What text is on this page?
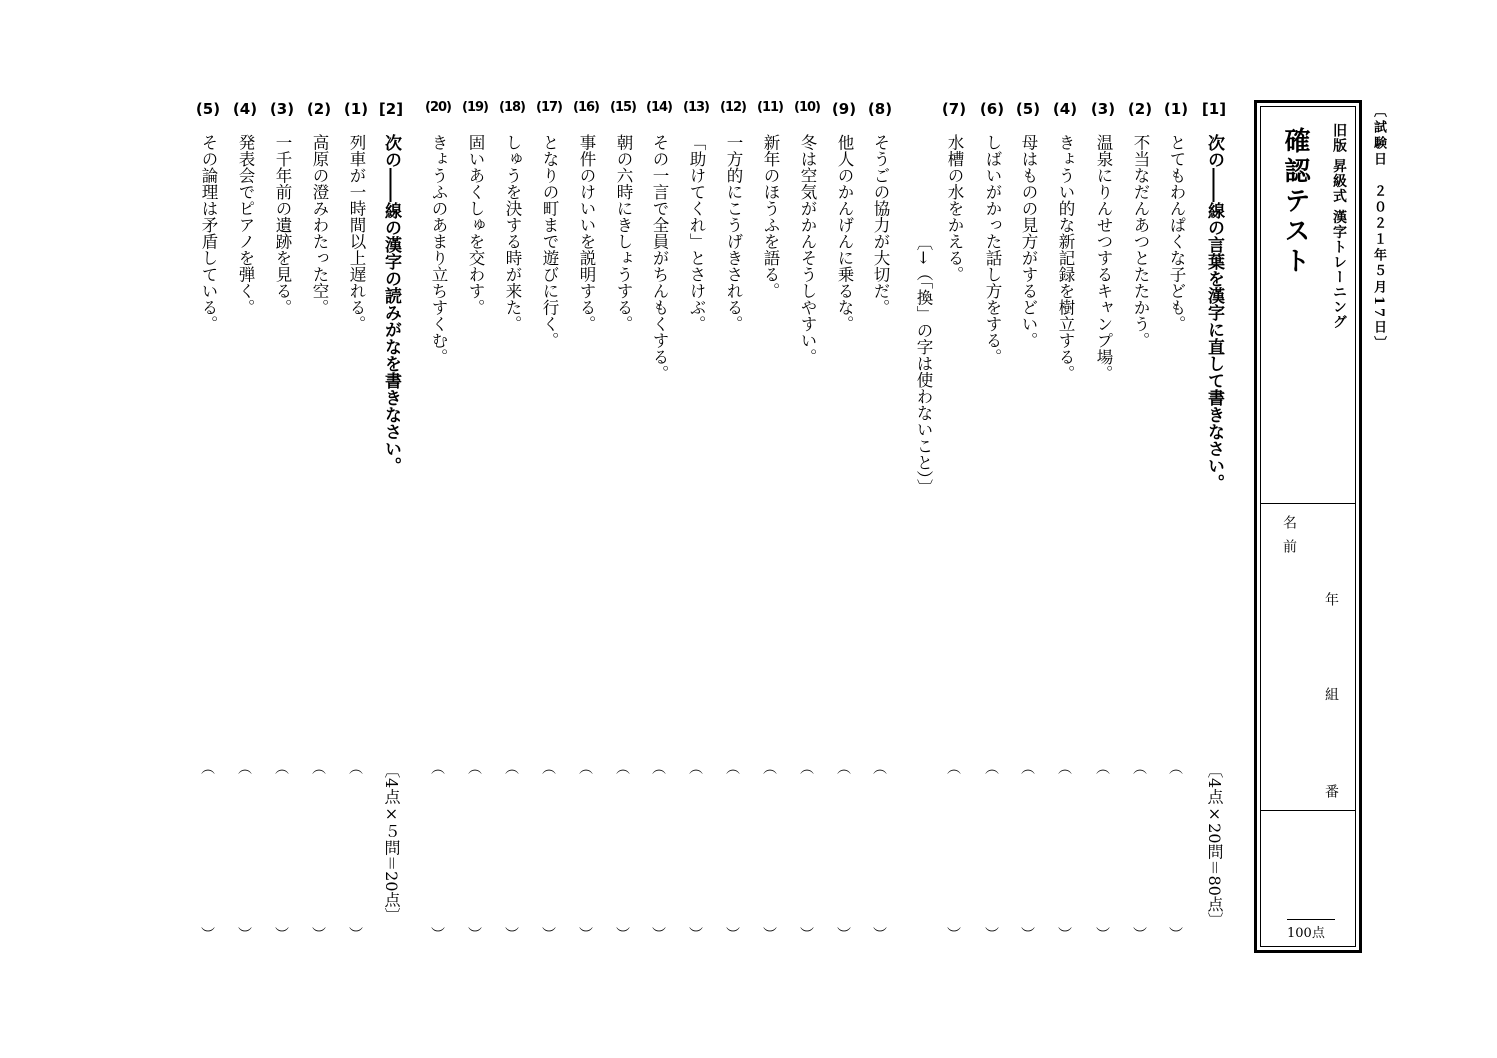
〔試験日　２０２１年５月17日〕
旧版 昇級式 漢字トレーニング
確認テスト
年
組
番
名前
100点
[1]
次の――線の言葉を漢字に直して書きなさい。
〔4点×20問＝80点〕
(1)
とてもわんぱくな子ども。
︵
︶
(2)
不当なだんあつとたたかう。
︵
︶
(3)
温泉にりんせつするキャンプ場。
︵
︶
(4)
きょうい的な新記録を樹立する。
︵
︶
(5)
母はものの見方がするどい。
︵
︶
(6)
しばいがかった話し方をする。
︵
︶
(7)
水槽の水をかえる。
︵
︶
〔→（「換」の字は使わないこと）〕
(8)
そうごの協力が大切だ。
︵
︶
(9)
他人のかんげんに乗るな。
︵
︶
(10)
冬は空気がかんそうしやすい。
︵
︶
(11)
新年のほうふを語る。
︵
︶
(12)
一方的にこうげきされる。
︵
︶
(13)
「助けてくれ」とさけぶ。
︵
︶
(14)
その一言で全員がちんもくする。
︵
︶
(15)
朝の六時にきしょうする。
︵
︶
(16)
事件のけいいを説明する。
︵
︶
(17)
となりの町まで遊びに行く。
︵
︶
(18)
しゅうを決する時が来た。
︵
︶
(19)
固いあくしゅを交わす。
︵
︶
(20)
きょうふのあまり立ちすくむ。
︵
︶
[2]
次の――線の漢字の読みがなを書きなさい。
〔4点×５問＝20点〕
(1)
列車が一時間以上遅れる。
︵
︶
(2)
高原の澄みわたった空。
︵
︶
(3)
一千年前の遺跡を見る。
︵
︶
(4)
発表会でピアノを弾く。
︵
︶
(5)
その論理は矛盾している。
︵
︶
